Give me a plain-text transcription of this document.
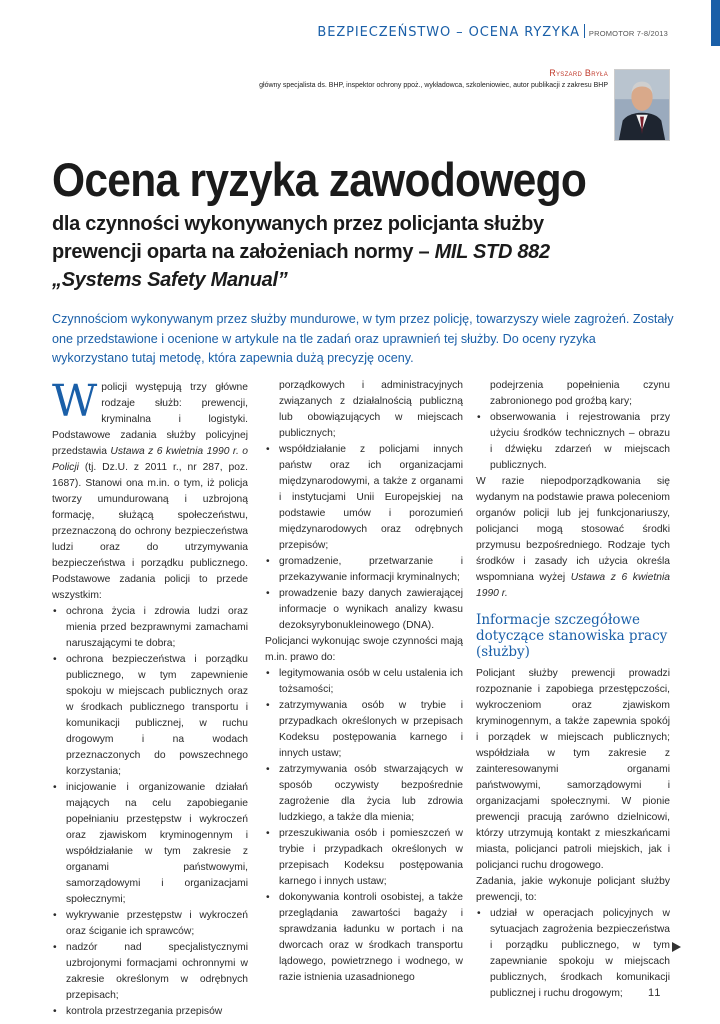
BEZPIECZEŃSTWO – OCENA RYZYKA PROMOTOR 7-8/2013
Ryszard Bryła
główny specjalista ds. BHP, inspektor ochrony ppoż., wykładowca, szkoleniowiec, autor publikacji z zakresu BHP
Ocena ryzyka zawodowego
dla czynności wykonywanych przez policjanta służby prewencji oparta na założeniach normy – MIL STD 882 „Systems Safety Manual”
Czynnościom wykonywanym przez służby mundurowe, w tym przez policję, towarzyszy wiele zagrożeń. Zostały one przedstawione i ocenione w artykule na tle zadań oraz uprawnień tej służby. Do oceny ryzyka wykorzystano tutaj metodę, która zapewnia dużą precyzję oceny.

Wpolicji występują trzy główne rodzaje służb: prewencji, kryminalna i logistyki. Podstawowe zadania służby policyjnej przedstawia Ustawa z 6 kwietnia 1990 r. o Policji (tj. Dz.U. z 2011 r., nr 287, poz. 1687). Stanowi ona m.in. o tym, iż policja tworzy umundurowaną i uzbrojoną formację, służącą społeczeństwu, przeznaczoną do ochrony bezpieczeństwa ludzi oraz do utrzymywania bezpieczeństwa i porządku publicznego. Podstawowe zadania policji to przede wszystkim:

• ochrona życia i zdrowia ludzi oraz mienia przed bezprawnymi zamachami naruszającymi te dobra;
• ochrona bezpieczeństwa i porządku publicznego, w tym zapewnienie spokoju w miejscach publicznych oraz w środkach publicznego transportu i komunikacji publicznej, w ruchu drogowym i na wodach przeznaczonych do powszechnego korzystania;
• inicjowanie i organizowanie działań mających na celu zapobieganie popełnianiu przestępstw i wykroczeń oraz zjawiskom kryminogennym i współdziałanie w tym zakresie z organami państwowymi, samorządowymi i organizacjami społecznymi;
• wykrywanie przestępstw i wykroczeń oraz ściganie ich sprawców;
• nadzór nad specjalistycznymi uzbrojonymi formacjami ochronnymi w zakresie określonym w odrębnych przepisach;
• kontrola przestrzegania przepisów

porządkowych i administracyjnych związanych z działalnością publiczną lub obowiązujących w miejscach publicznych;

• współdziałanie z policjami innych państw oraz ich organizacjami międzynarodowymi, a także z organami i instytucjami Unii Europejskiej na podstawie umów i porozumień międzynarodowych oraz odrębnych przepisów;
• gromadzenie, przetwarzanie i przekazywanie informacji kryminalnych;
• prowadzenie bazy danych zawierającej informacje o wynikach analizy kwasu dezoksyrybonukleinowego (DNA).

Policjanci wykonując swoje czynności mają m.in. prawo do:

• legitymowania osób w celu ustalenia ich tożsamości;
• zatrzymywania osób w trybie i przypadkach określonych w przepisach Kodeksu postępowania karnego i innych ustaw;
• zatrzymywania osób stwarzających w sposób oczywisty bezpośrednie zagrożenie dla życia lub zdrowia ludzkiego, a także dla mienia;
• przeszukiwania osób i pomieszczeń w trybie i przypadkach określonych w przepisach Kodeksu postępowania karnego i innych ustaw;
• dokonywania kontroli osobistej, a także przeglądania zawartości bagaży i sprawdzania ładunku w portach i na dworcach oraz w środkach transportu lądowego, powietrznego i wodnego, w razie istnienia uzasadnionego

podejrzenia popełnienia czynu zabronionego pod groźbą kary;

• obserwowania i rejestrowania przy użyciu środków technicznych – obrazu i dźwięku zdarzeń w miejscach publicznych.

W razie niepodporządkowania się wydanym na podstawie prawa poleceniom organów policji lub jej funkcjonariuszy, policjanci mogą stosować środki przymusu bezpośredniego. Rodzaje tych środków i zasady ich użycia określa wspomniana wyżej Ustawa z 6 kwietnia 1990 r.

Informacje szczegółowe dotyczące stanowiska pracy (służby)

Policjant służby prewencji prowadzi rozpoznanie i zapobiega przestępczości, wykroczeniom oraz zjawiskom kryminogennym, a także zapewnia spokój i porządek w miejscach publicznych; współdziała w tym zakresie z zainteresowanymi organami państwowymi, samorządowymi i organizacjami społecznymi. W pionie prewencji pracują zarówno dzielnicowi, którzy utrzymują kontakt z mieszkańcami miasta, policjanci patroli miejskich, jak i policjanci ruchu drogowego.

Zadania, jakie wykonuje policjant służby prewencji, to:

• udział w operacjach policyjnych w sytuacjach zagrożenia bezpieczeństwa i porządku publicznego, w tym zapewnianie spokoju w miejscach publicznych, środkach komunikacji publicznej i ruchu drogowym;	11
